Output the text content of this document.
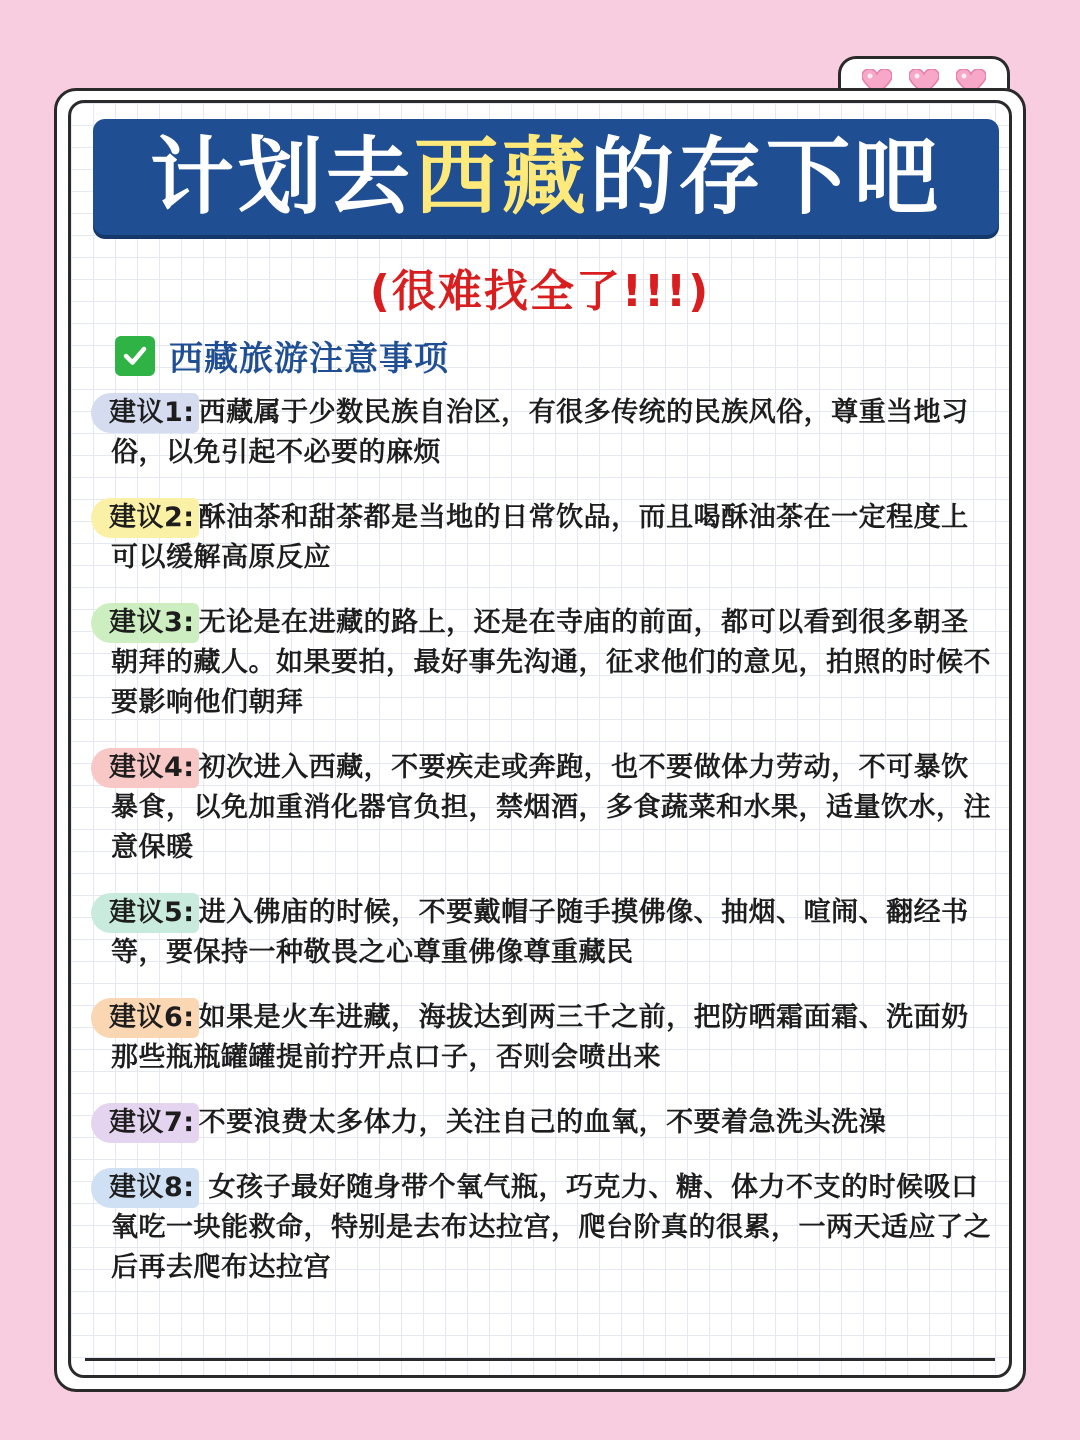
计划去西藏的存下吧
(很难找全了!!!)
西藏旅游注意事项
建议1: 西藏属于少数民族自治区，有很多传统的民族风俗，尊重当地习俗，以免引起不必要的麻烦
建议2: 酥油茶和甜茶都是当地的日常饮品，而且喝酥油茶在一定程度上可以缓解高原反应
建议3: 无论是在进藏的路上，还是在寺庙的前面，都可以看到很多朝圣朝拜的藏人。如果要拍，最好事先沟通，征求他们的意见，拍照的时候不要影响他们朝拜
建议4: 初次进入西藏，不要疾走或奔跑，也不要做体力劳动，不可暴饮暴食，以免加重消化器官负担，禁烟酒，多食蔬菜和水果，适量饮水，注意保暖
建议5: 进入佛庙的时候，不要戴帽子随手摸佛像、抽烟、喧闹、翻经书等，要保持一种敬畏之心尊重佛像尊重藏民
建议6: 如果是火车进藏，海拔达到两三千之前，把防晒霜面霜、洗面奶那些瓶瓶罐罐提前拧开点口子，否则会喷出来
建议7: 不要浪费太多体力，关注自己的血氧，不要着急洗头洗澡
建议8: 女孩子最好随身带个氧气瓶，巧克力、糖、体力不支的时候吸口氧吃一块能救命，特别是去布达拉宫，爬台阶真的很累，一两天适应了之后再去爬布达拉宫
